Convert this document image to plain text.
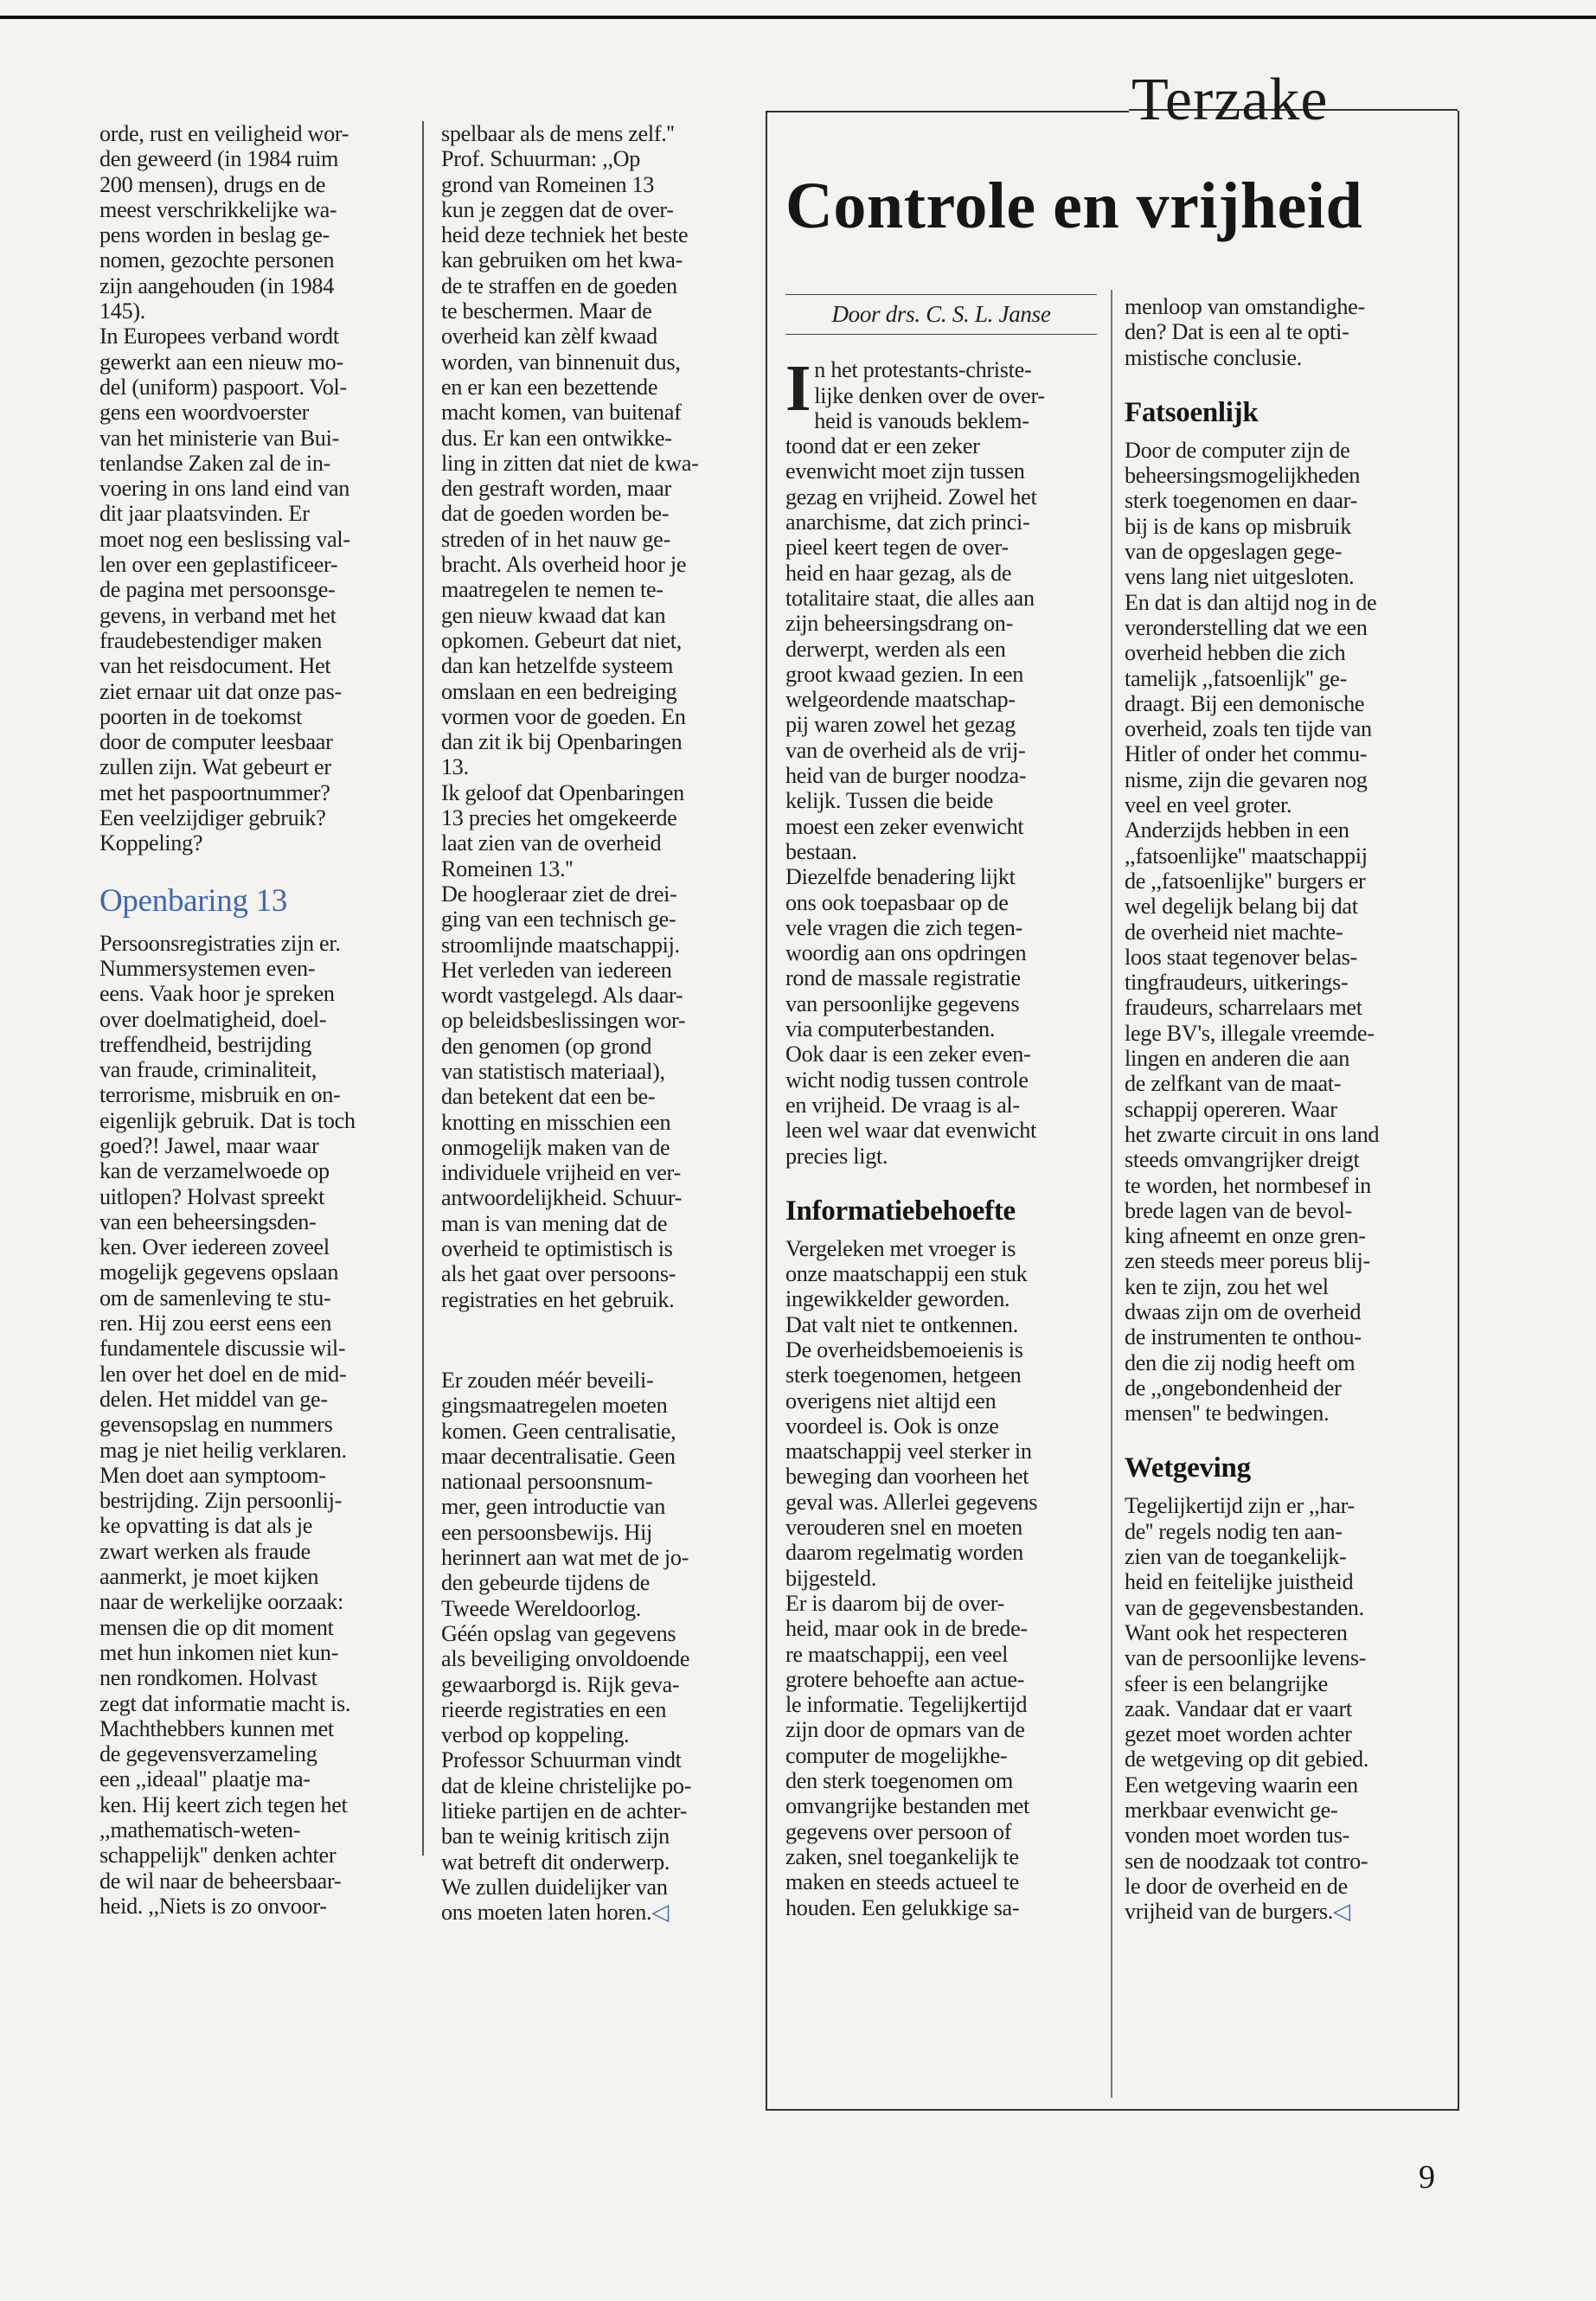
orde, rust en veiligheid wor-
den geweerd (in 1984 ruim
200 mensen), drugs en de
meest verschrikkelijke wa-
pens worden in beslag ge-
nomen, gezochte personen
zijn aangehouden (in 1984
145).
In Europees verband wordt
gewerkt aan een nieuw mo-
del (uniform) paspoort. Vol-
gens een woordvoerster
van het ministerie van Bui-
tenlandse Zaken zal de in-
voering in ons land eind van
dit jaar plaatsvinden. Er
moet nog een beslissing val-
len over een geplastificeer-
de pagina met persoonsge-
gevens, in verband met het
fraudebestendiger maken
van het reisdocument. Het
ziet ernaar uit dat onze pas-
poorten in de toekomst
door de computer leesbaar
zullen zijn. Wat gebeurt er
met het paspoortnummer?
Een veelzijdiger gebruik?
Koppeling?
Openbaring 13
Persoonsregistraties zijn er.
Nummersystemen even-
eens. Vaak hoor je spreken
over doelmatigheid, doel-
treffendheid, bestrijding
van fraude, criminaliteit,
terrorisme, misbruik en on-
eigenlijk gebruik. Dat is toch
goed?! Jawel, maar waar
kan de verzamelwoede op
uitlopen? Holvast spreekt
van een beheersingsden-
ken. Over iedereen zoveel
mogelijk gegevens opslaan
om de samenleving te stu-
ren. Hij zou eerst eens een
fundamentele discussie wil-
len over het doel en de mid-
delen. Het middel van ge-
gevensopslag en nummers
mag je niet heilig verklaren.
Men doet aan symptoom-
bestrijding. Zijn persoonlij-
ke opvatting is dat als je
zwart werken als fraude
aanmerkt, je moet kijken
naar de werkelijke oorzaak:
mensen die op dit moment
met hun inkomen niet kun-
nen rondkomen. Holvast
zegt dat informatie macht is.
Machthebbers kunnen met
de gegevensverzameling
een ,,ideaal'' plaatje ma-
ken. Hij keert zich tegen het
,,mathematisch-weten-
schappelijk'' denken achter
de wil naar de beheersbaar-
heid. ,,Niets is zo onvoor-
spelbaar als de mens zelf.''
Prof. Schuurman: ,,Op
grond van Romeinen 13
kun je zeggen dat de over-
heid deze techniek het beste
kan gebruiken om het kwa-
de te straffen en de goeden
te beschermen. Maar de
overheid kan zèlf kwaad
worden, van binnenuit dus,
en er kan een bezettende
macht komen, van buitenaf
dus. Er kan een ontwikke-
ling in zitten dat niet de kwa-
den gestraft worden, maar
dat de goeden worden be-
streden of in het nauw ge-
bracht. Als overheid hoor je
maatregelen te nemen te-
gen nieuw kwaad dat kan
opkomen. Gebeurt dat niet,
dan kan hetzelfde systeem
omslaan en een bedreiging
vormen voor de goeden. En
dan zit ik bij Openbaringen
13.
Ik geloof dat Openbaringen
13 precies het omgekeerde
laat zien van de overheid
Romeinen 13.''
De hoogleraar ziet de drei-
ging van een technisch ge-
stroomlijnde maatschappij.
Het verleden van iedereen
wordt vastgelegd. Als daar-
op beleidsbeslissingen wor-
den genomen (op grond
van statistisch materiaal),
dan betekent dat een be-
knotting en misschien een
onmogelijk maken van de
individuele vrijheid en ver-
antwoordelijkheid. Schuur-
man is van mening dat de
overheid te optimistisch is
als het gaat over persoons-
registraties en het gebruik.
Er zouden méér beveili-
gingsmaatregelen moeten
komen. Geen centralisatie,
maar decentralisatie. Geen
nationaal persoonsnum-
mer, geen introductie van
een persoonsbewijs. Hij
herinnert aan wat met de jo-
den gebeurde tijdens de
Tweede Wereldoorlog.
Géén opslag van gegevens
als beveiliging onvoldoende
gewaarborgd is. Rijk geva-
rieerde registraties en een
verbod op koppeling.
Professor Schuurman vindt
dat de kleine christelijke po-
litieke partijen en de achter-
ban te weinig kritisch zijn
wat betreft dit onderwerp.
We zullen duidelijker van
ons moeten laten horen.◁
Terzake
Controle en vrijheid
Door drs. C. S. L. Janse
I n het protestants-christe-
lijke denken over de over-
heid is vanouds beklem-
toond dat er een zeker
evenwicht moet zijn tussen
gezag en vrijheid. Zowel het
anarchisme, dat zich princi-
pieel keert tegen de over-
heid en haar gezag, als de
totalitaire staat, die alles aan
zijn beheersingsdrang on-
derwerpt, werden als een
groot kwaad gezien. In een
welgeordende maatschap-
pij waren zowel het gezag
van de overheid als de vrij-
heid van de burger noodza-
kelijk. Tussen die beide
moest een zeker evenwicht
bestaan.
Diezelfde benadering lijkt
ons ook toepasbaar op de
vele vragen die zich tegen-
woordig aan ons opdringen
rond de massale registratie
van persoonlijke gegevens
via computerbestanden.
Ook daar is een zeker even-
wicht nodig tussen controle
en vrijheid. De vraag is al-
leen wel waar dat evenwicht
precies ligt.
Informatiebehoefte
Vergeleken met vroeger is
onze maatschappij een stuk
ingewikkelder geworden.
Dat valt niet te ontkennen.
De overheidsbemoeienis is
sterk toegenomen, hetgeen
overigens niet altijd een
voordeel is. Ook is onze
maatschappij veel sterker in
beweging dan voorheen het
geval was. Allerlei gegevens
verouderen snel en moeten
daarom regelmatig worden
bijgesteld.
Er is daarom bij de over-
heid, maar ook in de brede-
re maatschappij, een veel
grotere behoefte aan actue-
le informatie. Tegelijkertijd
zijn door de opmars van de
computer de mogelijkhe-
den sterk toegenomen om
omvangrijke bestanden met
gegevens over persoon of
zaken, snel toegankelijk te
maken en steeds actueel te
houden. Een gelukkige sa-
menloop van omstandighe-
den? Dat is een al te opti-
mistische conclusie.
Fatsoenlijk
Door de computer zijn de
beheersingsmogelijkheden
sterk toegenomen en daar-
bij is de kans op misbruik
van de opgeslagen gege-
vens lang niet uitgesloten.
En dat is dan altijd nog in de
veronderstelling dat we een
overheid hebben die zich
tamelijk ,,fatsoenlijk'' ge-
draagt. Bij een demonische
overheid, zoals ten tijde van
Hitler of onder het commu-
nisme, zijn die gevaren nog
veel en veel groter.
Anderzijds hebben in een
,,fatsoenlijke'' maatschappij
de ,,fatsoenlijke'' burgers er
wel degelijk belang bij dat
de overheid niet machte-
loos staat tegenover belas-
tingfraudeurs, uitkerings-
fraudeurs, scharrelaars met
lege BV's, illegale vreemde-
lingen en anderen die aan
de zelfkant van de maat-
schappij opereren. Waar
het zwarte circuit in ons land
steeds omvangrijker dreigt
te worden, het normbesef in
brede lagen van de bevol-
king afneemt en onze gren-
zen steeds meer poreus blij-
ken te zijn, zou het wel
dwaas zijn om de overheid
de instrumenten te onthou-
den die zij nodig heeft om
de ,,ongebondenheid der
mensen'' te bedwingen.
Wetgeving
Tegelijkertijd zijn er ,,har-
de'' regels nodig ten aan-
zien van de toegankelijk-
heid en feitelijke juistheid
van de gegevensbestanden.
Want ook het respecteren
van de persoonlijke levens-
sfeer is een belangrijke
zaak. Vandaar dat er vaart
gezet moet worden achter
de wetgeving op dit gebied.
Een wetgeving waarin een
merkbaar evenwicht ge-
vonden moet worden tus-
sen de noodzaak tot contro-
le door de overheid en de
vrijheid van de burgers.◁
9
